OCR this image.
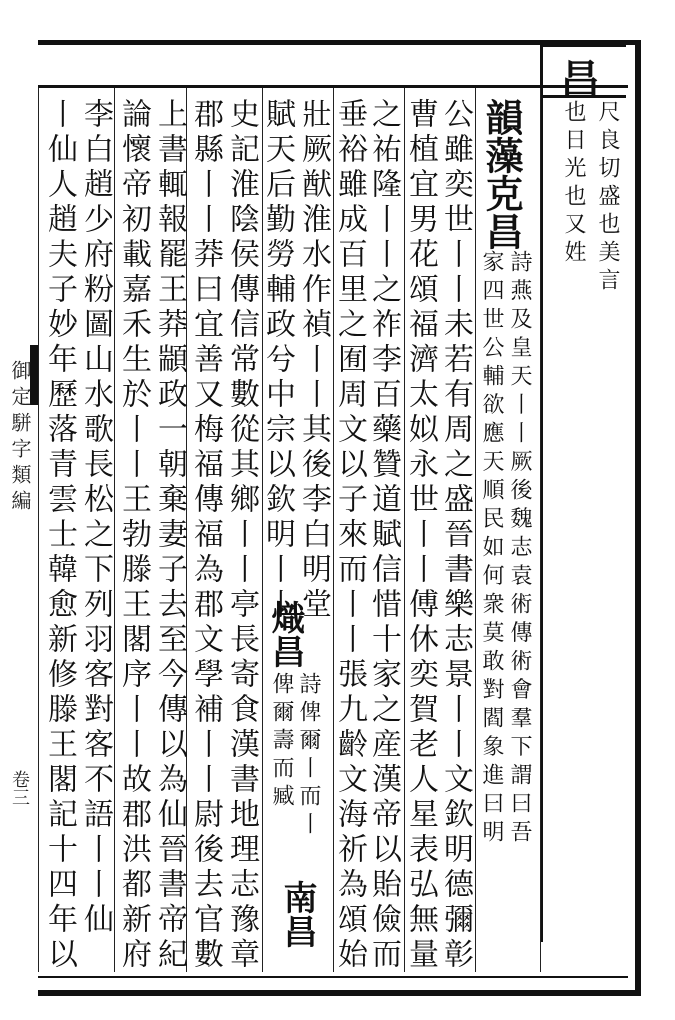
昌
尺良切盛也美言
也日光也又姓
韻藻克昌
詩燕及皇天丨丨厥後魏志袁術傳術會羣下謂曰吾
家四世公輔欲應天順民如何衆莫敢對閻象進曰明
公雖奕世丨丨未若有周之盛晉書樂志景丨丨文欽明德彌彰
曹植宜男花頌福濟太姒永世丨丨傅休奕賀老人星表弘無量
之祐隆丨丨之祚李百藥贊道賦信惜十家之産漢帝以貽儉而
垂裕雖成百里之囿周文以子來而丨丨張九齡文海祈為頌始
壯厥猷淮水作禎丨丨其後李白明堂
賦天后勤勞輔政兮中宗以欽明丨丨
熾昌
詩俾爾丨而丨
俾爾壽而臧
南昌
史記淮陰侯傳信常數從其鄉丨丨亭長寄食漢書地理志豫章
郡縣丨丨莽曰宜善又梅福傳福為郡文學補丨丨尉後去官數
上書輒報罷王莽顓政一朝棄妻子去至今傳以為仙晉書帝紀
論懷帝初載嘉禾生於丨丨王勃滕王閣序丨丨故郡洪都新府
李白趙少府粉圖山水歌長松之下列羽客對客不語丨丨仙
丨仙人趙夫子妙年歷落青雲士韓愈新修滕王閣記十四年以
御定駢字類編
卷三
